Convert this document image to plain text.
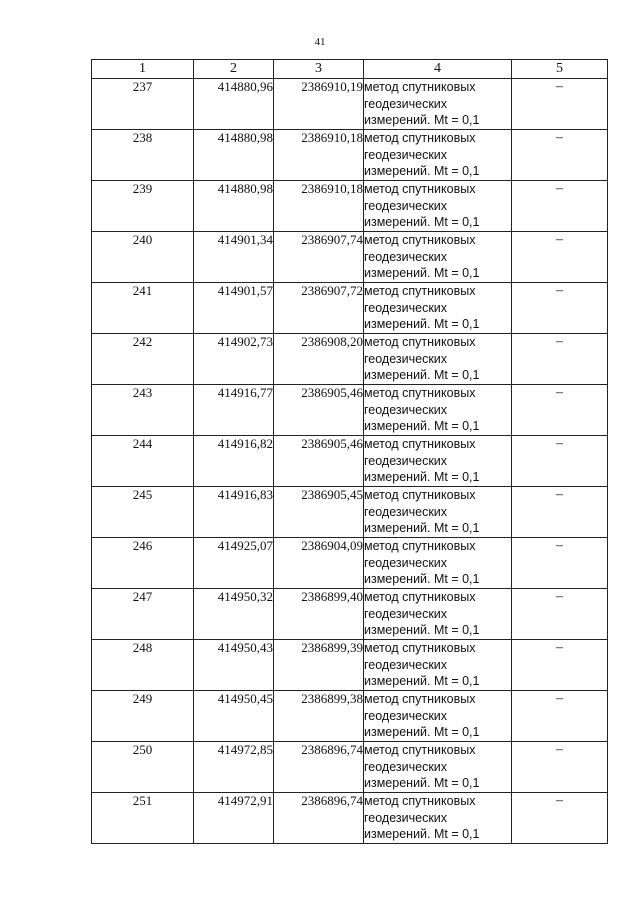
41
1	2	3	4	5
237	414880,96	2386910,19	метод спутниковых
геодезических
измерений. Mt = 0,1	–
238	414880,98	2386910,18	метод спутниковых
геодезических
измерений. Mt = 0,1	–
239	414880,98	2386910,18	метод спутниковых
геодезических
измерений. Mt = 0,1	–
240	414901,34	2386907,74	метод спутниковых
геодезических
измерений. Mt = 0,1	–
241	414901,57	2386907,72	метод спутниковых
геодезических
измерений. Mt = 0,1	–
242	414902,73	2386908,20	метод спутниковых
геодезических
измерений. Mt = 0,1	–
243	414916,77	2386905,46	метод спутниковых
геодезических
измерений. Mt = 0,1	–
244	414916,82	2386905,46	метод спутниковых
геодезических
измерений. Mt = 0,1	–
245	414916,83	2386905,45	метод спутниковых
геодезических
измерений. Mt = 0,1	–
246	414925,07	2386904,09	метод спутниковых
геодезических
измерений. Mt = 0,1	–
247	414950,32	2386899,40	метод спутниковых
геодезических
измерений. Mt = 0,1	–
248	414950,43	2386899,39	метод спутниковых
геодезических
измерений. Mt = 0,1	–
249	414950,45	2386899,38	метод спутниковых
геодезических
измерений. Mt = 0,1	–
250	414972,85	2386896,74	метод спутниковых
геодезических
измерений. Mt = 0,1	–
251	414972,91	2386896,74	метод спутниковых
геодезических
измерений. Mt = 0,1	–
